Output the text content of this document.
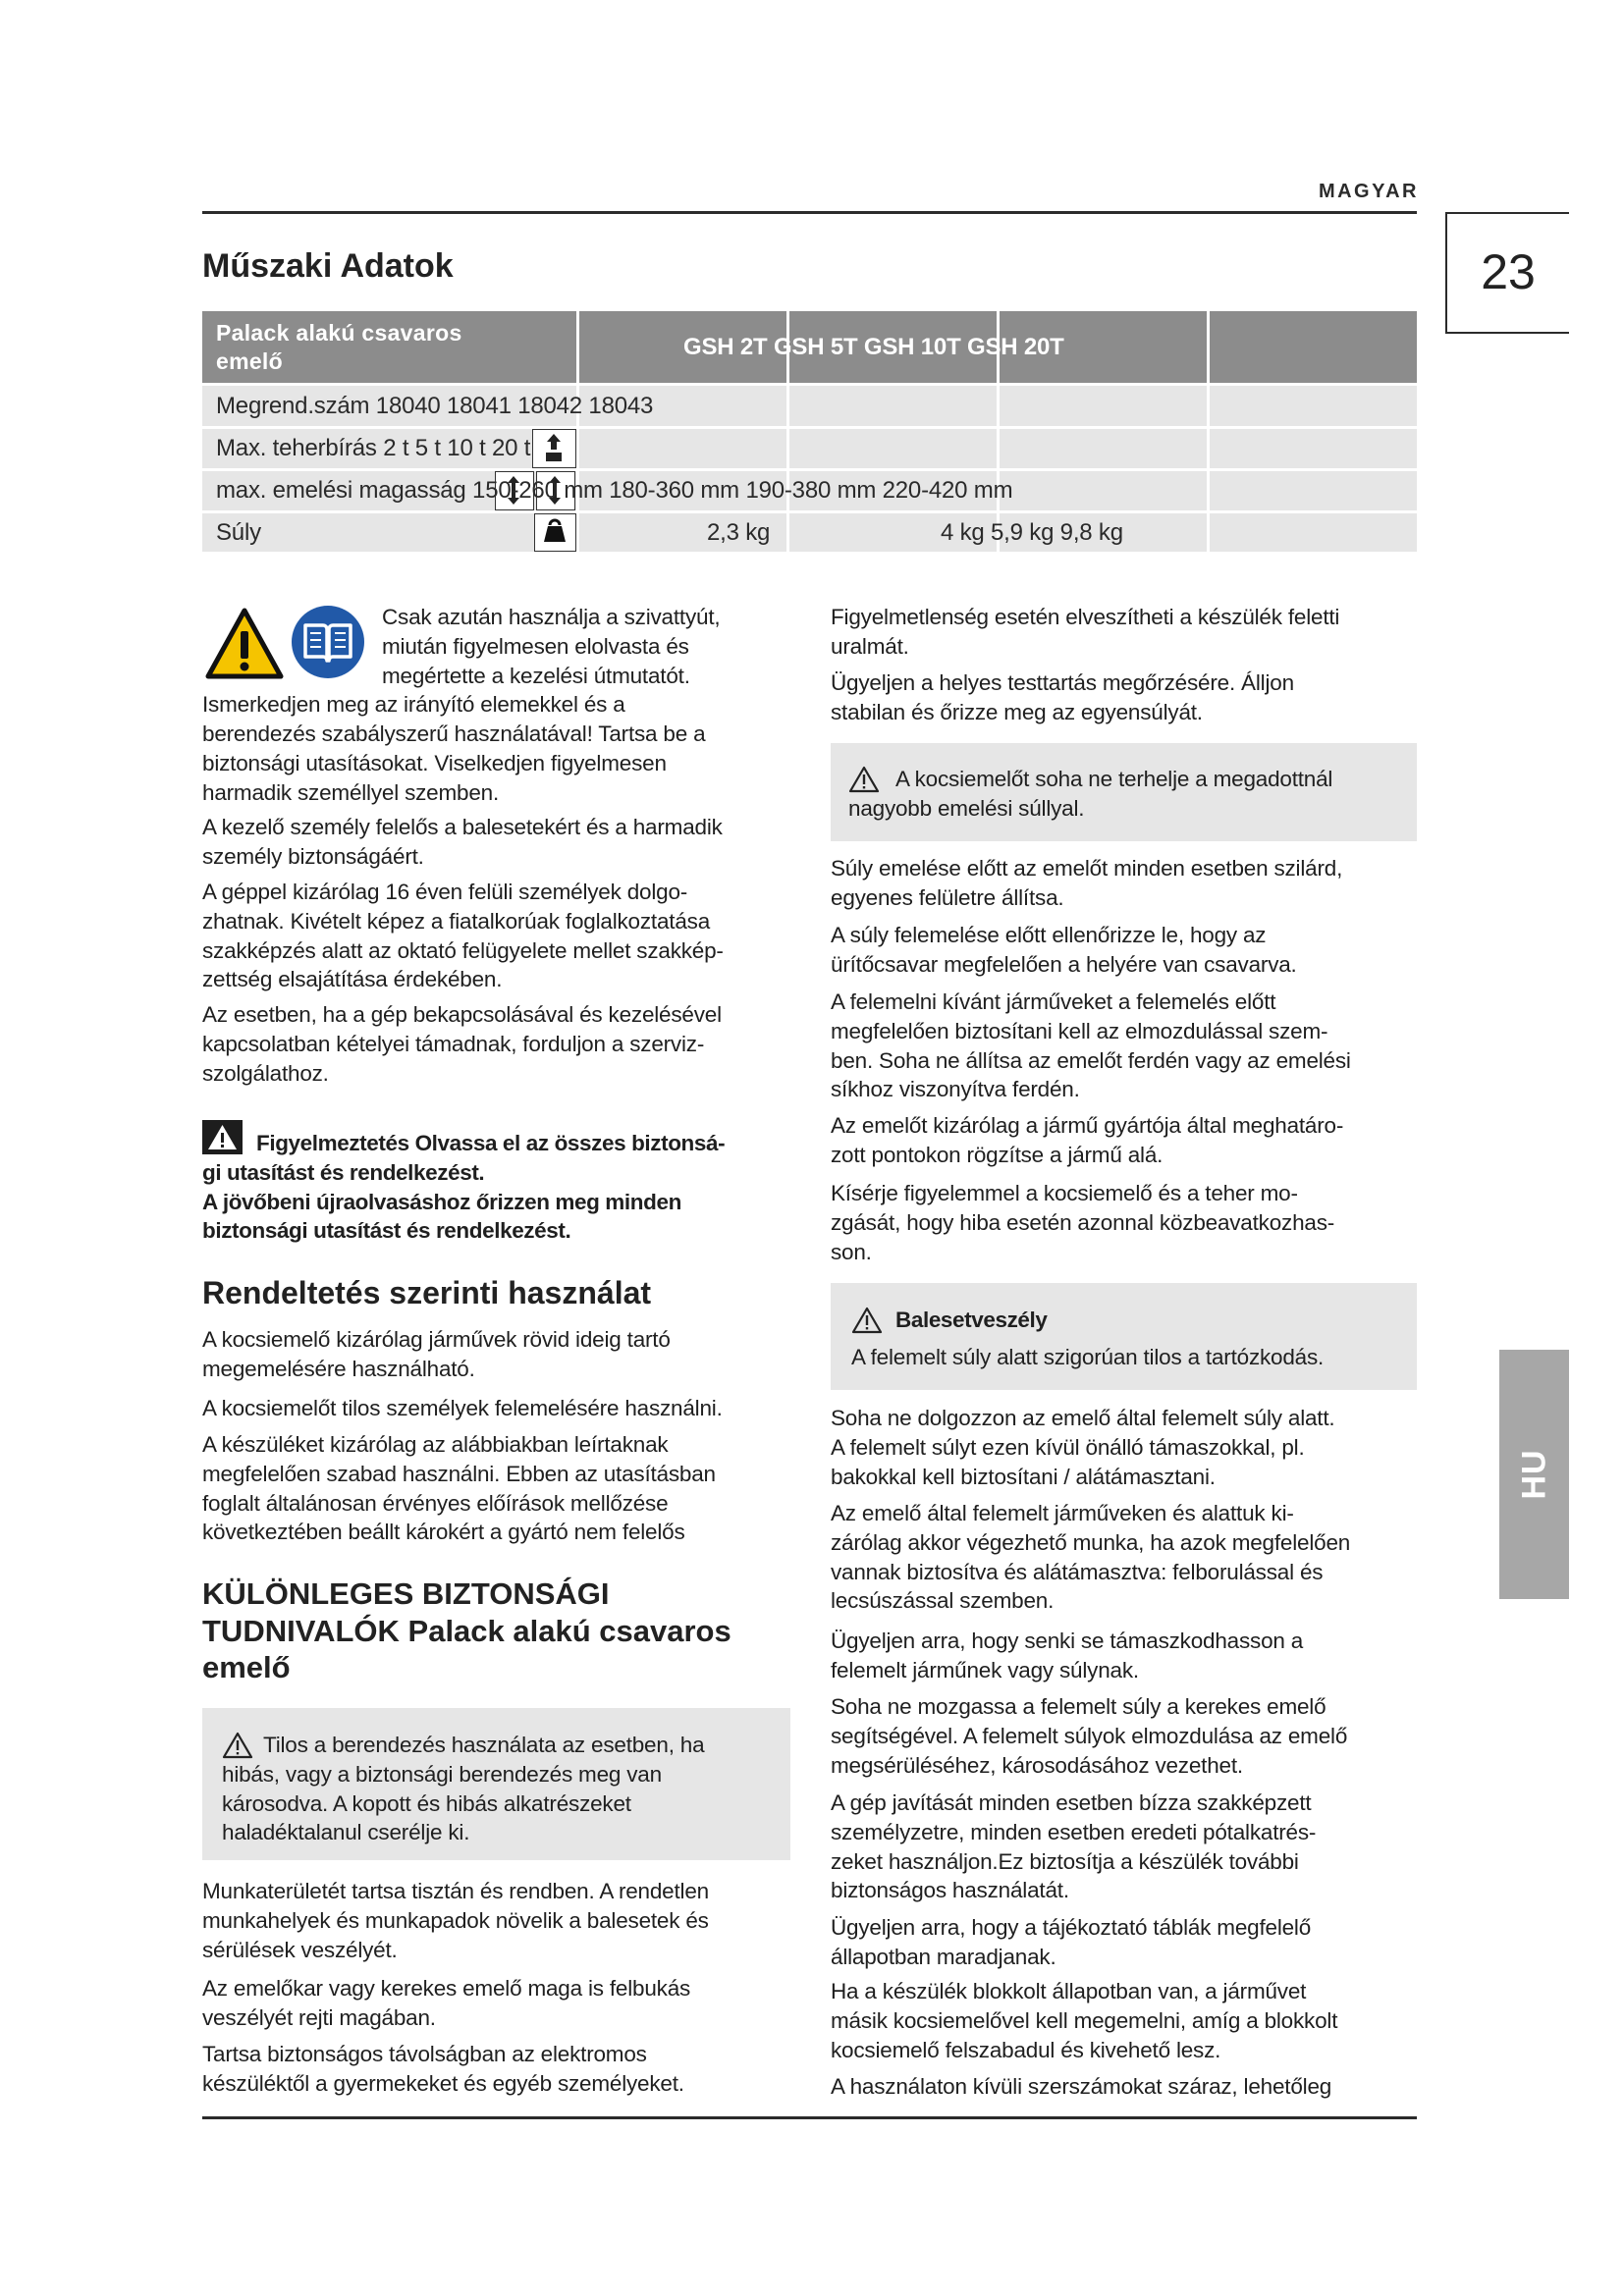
MAGYAR
23
Műszaki Adatok
Palack alakú csavaros
emelő
GSH 2T GSH 5T GSH 10T GSH 20T
Megrend.szám 18040 18041 18042 18043
Max. teherbírás 2 t 5 t 10 t 20 t
max. emelési magasság 150-260 mm 180-360 mm 190-380 mm 220-420 mm
Súly	2,3 kg	4 kg 5,9 kg 9,8 kg
Csak azután használja a szivattyút,
miután figyelmesen elolvasta és
megértette a kezelési útmutatót.
Ismerkedjen meg az irányító elemekkel és a
berendezés szabályszerű használatával! Tartsa be a
biztonsági utasításokat. Viselkedjen figyelmesen
harmadik személlyel szemben.
A kezelő személy felelős a balesetekért és a harmadik
személy biztonságáért.
A géppel kizárólag 16 éven felüli személyek dolgo-
zhatnak. Kivételt képez a fiatalkorúak foglalkoztatása
szakképzés alatt az oktató felügyelete mellet szakkép-
zettség elsajátítása érdekében.
Az esetben, ha a gép bekapcsolásával és kezelésével
kapcsolatban kételyei támadnak, forduljon a szerviz-
szolgálathoz.
Figyelmeztetés Olvassa el az összes biztonsá-
gi utasítást és rendelkezést.
A jövőbeni újraolvasáshoz őrizzen meg minden
biztonsági utasítást és rendelkezést.
Rendeltetés szerinti használat
A kocsiemelő kizárólag járművek rövid ideig tartó
megemelésére használható.
A kocsiemelőt tilos személyek felemelésére használni.
A készüléket kizárólag az alábbiakban leírtaknak
megfelelően szabad használni. Ebben az utasításban
foglalt általánosan érvényes előírások mellőzése
következtében beállt károkért a gyártó nem felelős
KÜLÖNLEGES BIZTONSÁGI
TUDNIVALÓK Palack alakú csavaros
emelő
Tilos a berendezés használata az esetben, ha
hibás, vagy a biztonsági berendezés meg van
károsodva. A kopott és hibás alkatrészeket
haladéktalanul cserélje ki.
Munkaterületét tartsa tisztán és rendben. A rendetlen
munkahelyek és munkapadok növelik a balesetek és
sérülések veszélyét.
Az emelőkar vagy kerekes emelő maga is felbukás
veszélyét rejti magában.
Tartsa biztonságos távolságban az elektromos
készüléktől a gyermekeket és egyéb személyeket.
Figyelmetlenség esetén elveszítheti a készülék feletti
uralmát.
Ügyeljen a helyes testtartás megőrzésére. Álljon
stabilan és őrizze meg az egyensúlyát.
A kocsiemelőt soha ne terhelje a megadottnál
nagyobb emelési súllyal.
Súly emelése előtt az emelőt minden esetben szilárd,
egyenes felületre állítsa.
A súly felemelése előtt ellenőrizze le, hogy az
ürítőcsavar megfelelően a helyére van csavarva.
A felemelni kívánt járműveket a felemelés előtt
megfelelően biztosítani kell az elmozdulással szem-
ben. Soha ne állítsa az emelőt ferdén vagy az emelési
síkhoz viszonyítva ferdén.
Az emelőt kizárólag a jármű gyártója által meghatáro-
zott pontokon rögzítse a jármű alá.
Kísérje figyelemmel a kocsiemelő és a teher mo-
zgását, hogy hiba esetén azonnal közbeavatkozhas-
son.
Balesetveszély
A felemelt súly alatt szigorúan tilos a tartózkodás.
Soha ne dolgozzon az emelő által felemelt súly alatt.
A felemelt súlyt ezen kívül önálló támaszokkal, pl.
bakokkal kell biztosítani / alátámasztani.
Az emelő által felemelt járműveken és alattuk ki-
zárólag akkor végezhető munka, ha azok megfelelően
vannak biztosítva és alátámasztva: felborulással és
lecsúszással szemben.
Ügyeljen arra, hogy senki se támaszkodhasson a
felemelt járműnek vagy súlynak.
Soha ne mozgassa a felemelt súly a kerekes emelő
segítségével. A felemelt súlyok elmozdulása az emelő
megsérüléséhez, károsodásához vezethet.
A gép javítását minden esetben bízza szakképzett
személyzetre, minden esetben eredeti pótalkatrés-
zeket használjon.Ez biztosítja a készülék további
biztonságos használatát.
Ügyeljen arra, hogy a tájékoztató táblák megfelelő
állapotban maradjanak.
Ha a készülék blokkolt állapotban van, a járművet
másik kocsiemelővel kell megemelni, amíg a blokkolt
kocsiemelő felszabadul és kivehető lesz.
A használaton kívüli szerszámokat száraz, lehetőleg
HU
